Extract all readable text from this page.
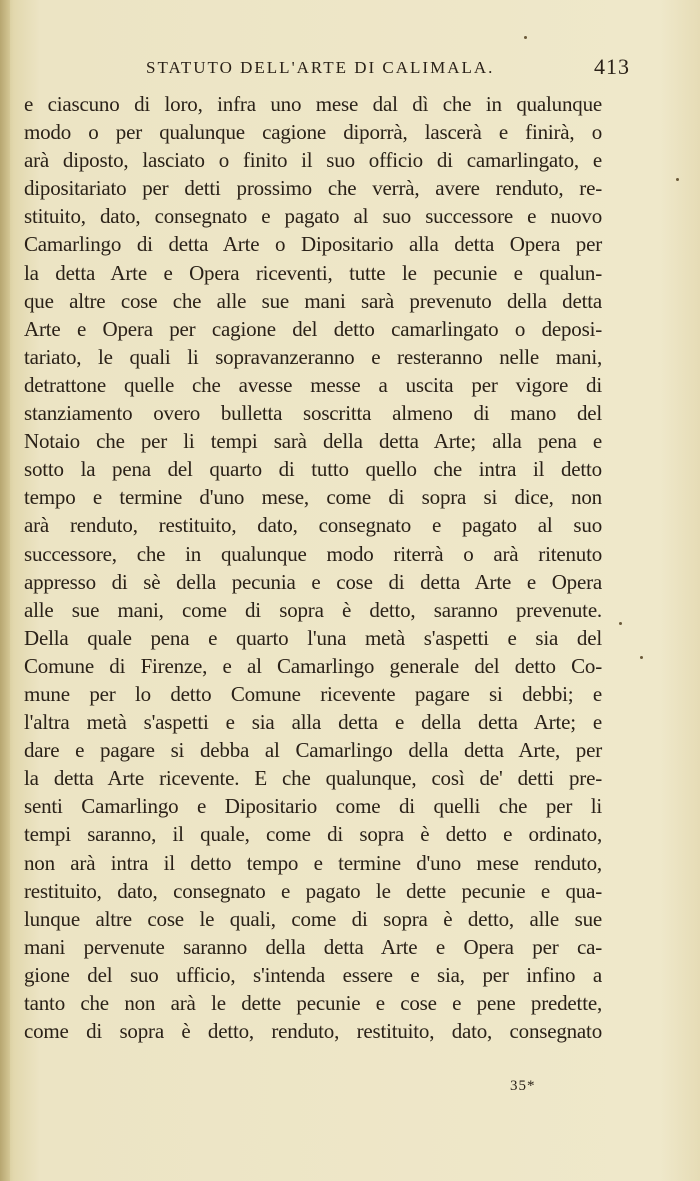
STATUTO DELL'ARTE DI CALIMALA.	413
e ciascuno di loro, infra uno mese dal dì che in qualunque
modo o per qualunque cagione diporrà, lascerà e finirà, o
arà diposto, lasciato o finito il suo officio di camarlingato, e
dipositariato per detti prossimo che verrà, avere renduto, re-
stituito, dato, consegnato e pagato al suo successore e nuovo
Camarlingo di detta Arte o Dipositario alla detta Opera per
la detta Arte e Opera riceventi, tutte le pecunie e qualun-
que altre cose che alle sue mani sarà prevenuto della detta
Arte e Opera per cagione del detto camarlingato o deposi-
tariato, le quali li sopravanzeranno e resteranno nelle mani,
detrattone quelle che avesse messe a uscita per vigore di
stanziamento overo bulletta soscritta almeno di mano del
Notaio che per li tempi sarà della detta Arte; alla pena e
sotto la pena del quarto di tutto quello che intra il detto
tempo e termine d'uno mese, come di sopra si dice, non
arà renduto, restituito, dato, consegnato e pagato al suo
successore, che in qualunque modo riterrà o arà ritenuto
appresso di sè della pecunia e cose di detta Arte e Opera
alle sue mani, come di sopra è detto, saranno prevenute.
Della quale pena e quarto l'una metà s'aspetti e sia del
Comune di Firenze, e al Camarlingo generale del detto Co-
mune per lo detto Comune ricevente pagare si debbi; e
l'altra metà s'aspetti e sia alla detta e della detta Arte; e
dare e pagare si debba al Camarlingo della detta Arte, per
la detta Arte ricevente. E che qualunque, così de' detti pre-
senti Camarlingo e Dipositario come di quelli che per li
tempi saranno, il quale, come di sopra è detto e ordinato,
non arà intra il detto tempo e termine d'uno mese renduto,
restituito, dato, consegnato e pagato le dette pecunie e qua-
lunque altre cose le quali, come di sopra è detto, alle sue
mani pervenute saranno della detta Arte e Opera per ca-
gione del suo ufficio, s'intenda essere e sia, per infino a
tanto che non arà le dette pecunie e cose e pene predette,
come di sopra è detto, renduto, restituito, dato, consegnato
35*
